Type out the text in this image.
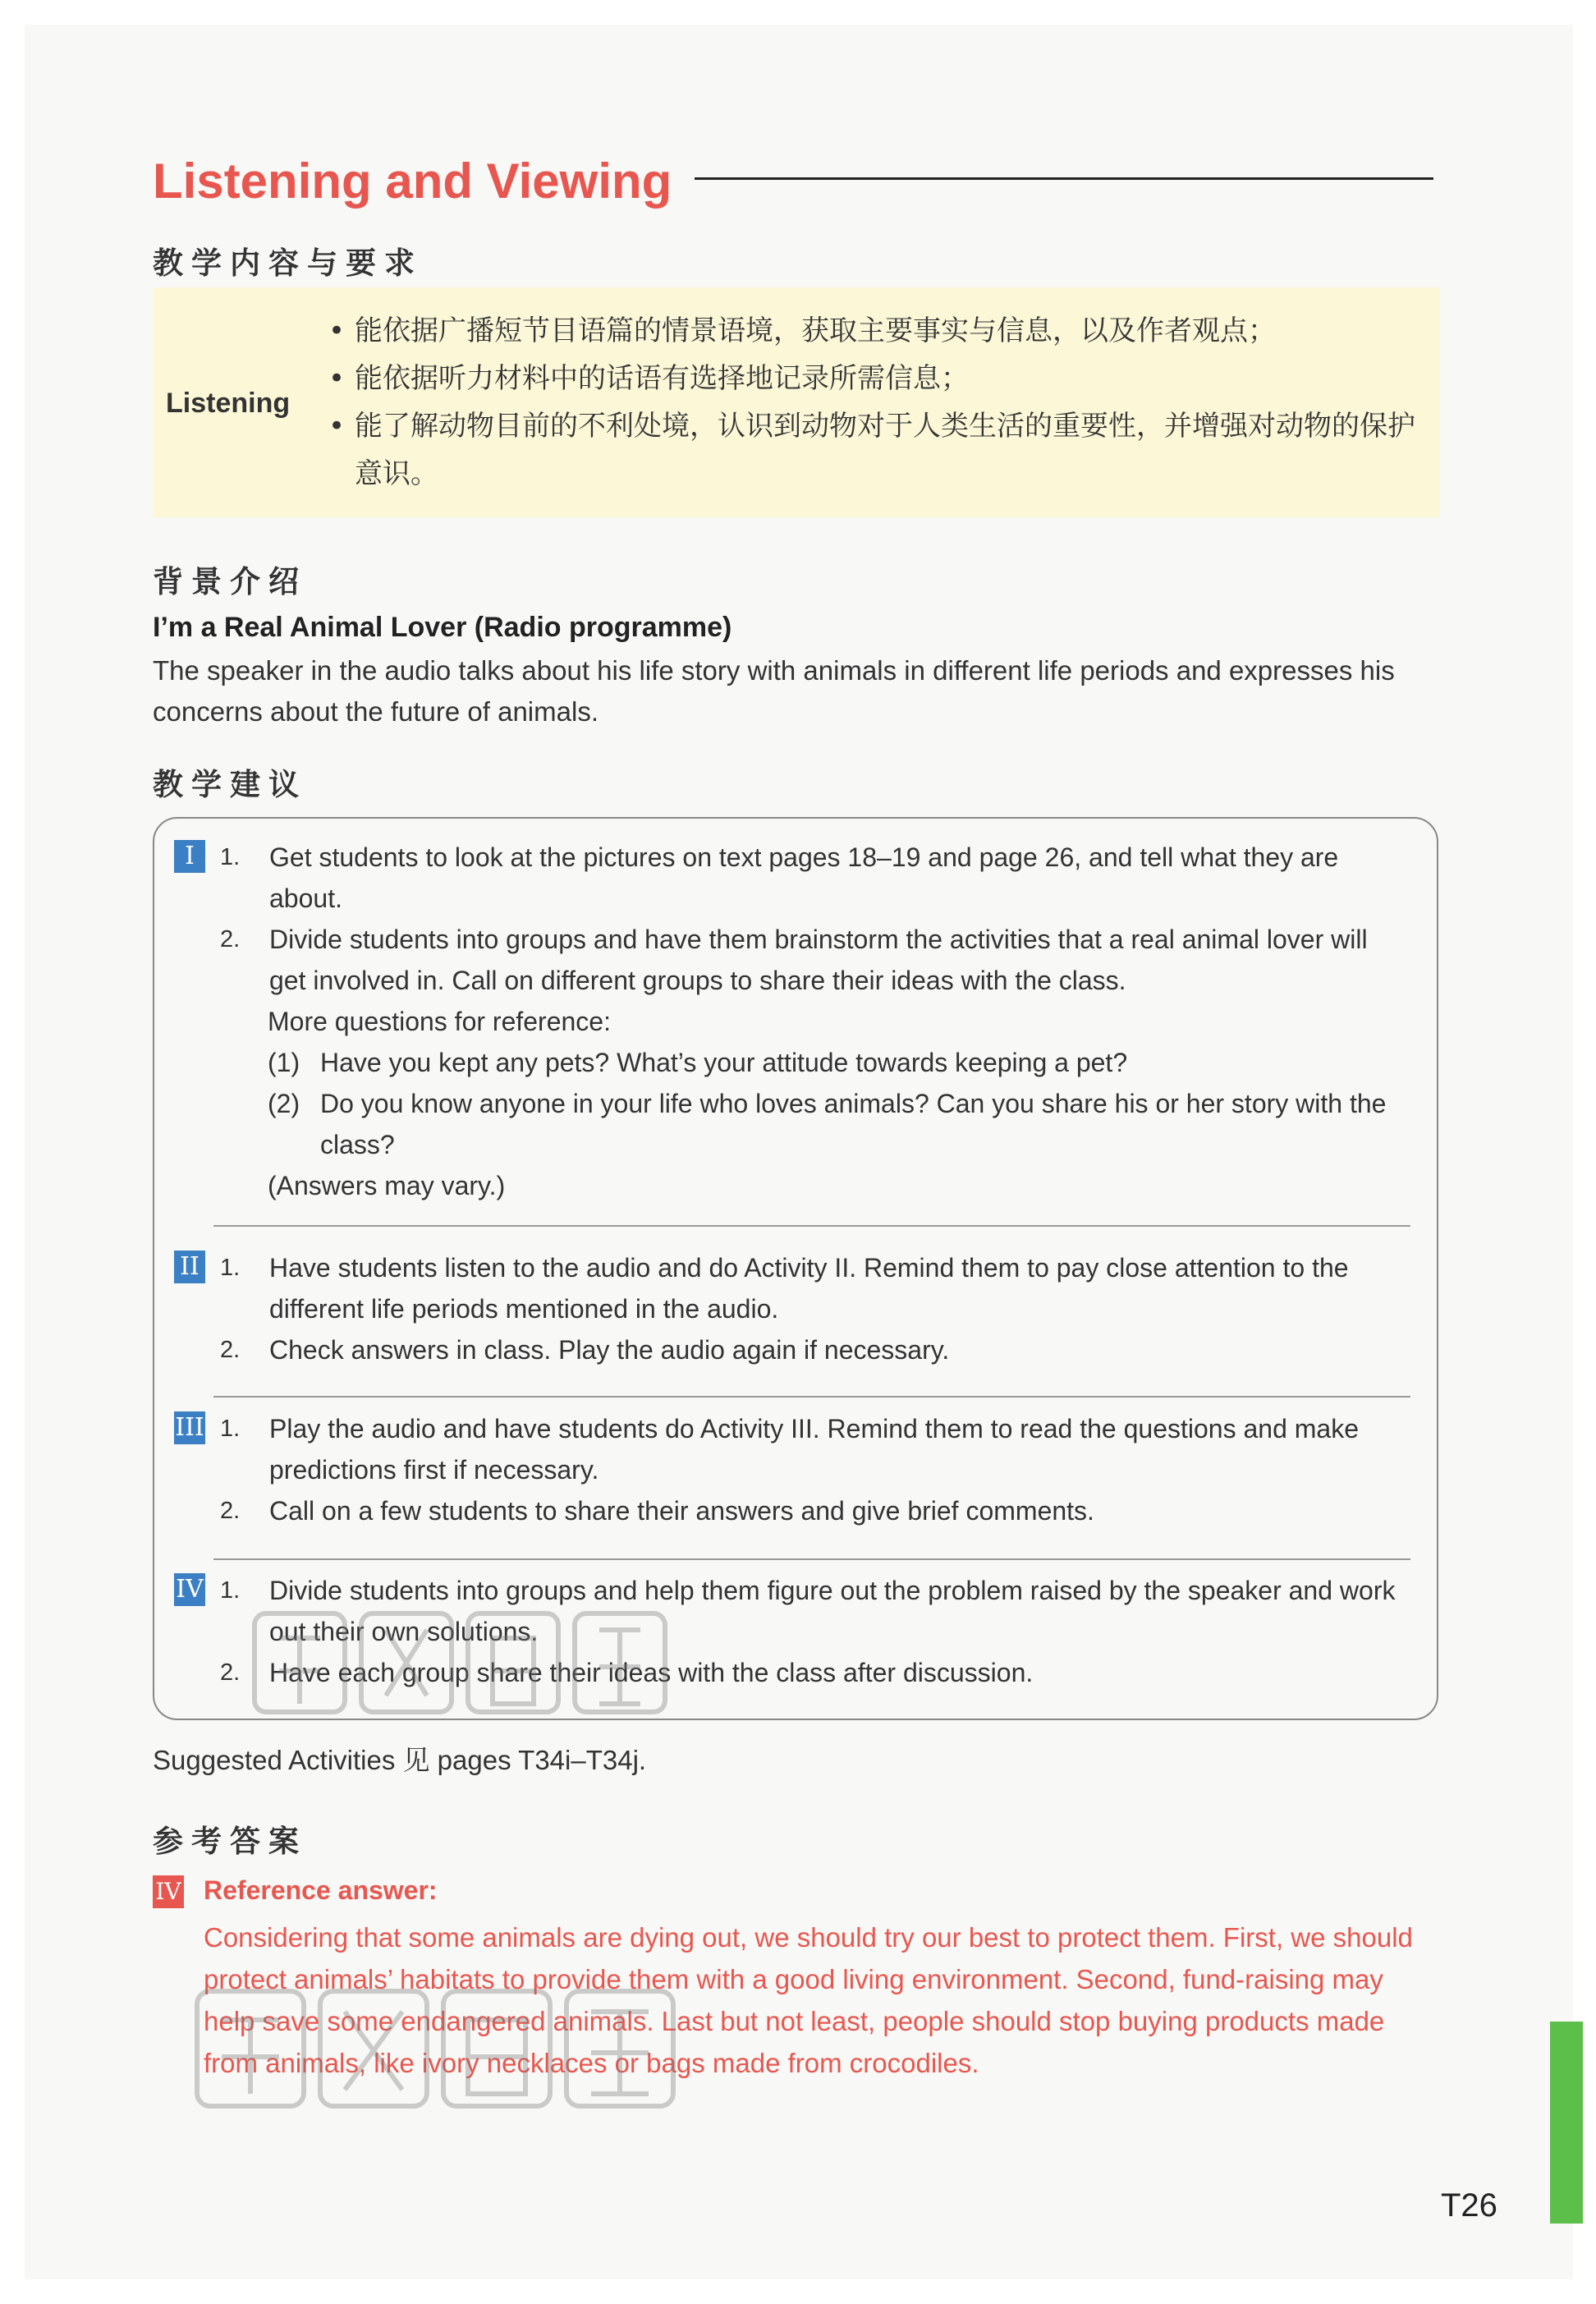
Listening and Viewing
教学内容与要求
Listening
• 能依据广播短节目语篇的情景语境，获取主要事实与信息，以及作者观点；
• 能依据听力材料中的话语有选择地记录所需信息；
• 能了解动物目前的不利处境，认识到动物对于人类生活的重要性，并增强对动物的保护意识。
背景介绍
I’m a Real Animal Lover (Radio programme)
The speaker in the audio talks about his life story with animals in different life periods and expresses his concerns about the future of animals.
教学建议
I	1. Get students to look at the pictures on text pages 18–19 and page 26, and tell what they are about.
2. Divide students into groups and have them brainstorm the activities that a real animal lover will get involved in. Call on different groups to share their ideas with the class.
More questions for reference:
(1) Have you kept any pets? What’s your attitude towards keeping a pet?
(2) Do you know anyone in your life who loves animals? Can you share his or her story with the class?
(Answers may vary.)
II 1. Have students listen to the audio and do Activity II. Remind them to pay close attention to the different life periods mentioned in the audio.
2. Check answers in class. Play the audio again if necessary.
III 1. Play the audio and have students do Activity III. Remind them to read the questions and make predictions first if necessary.
2. Call on a few students to share their answers and give brief comments.
IV 1. Divide students into groups and help them figure out the problem raised by the speaker and work out their own solutions.
2. Have each group share their ideas with the class after discussion.
Suggested Activities 见 pages T34i–T34j.
参考答案
IV Reference answer:
Considering that some animals are dying out, we should try our best to protect them. First, we should protect animals’ habitats to provide them with a good living environment. Second, fund-raising may help save some endangered animals. Last but not least, people should stop buying products made from animals, like ivory necklaces or bags made from crocodiles.
T26
